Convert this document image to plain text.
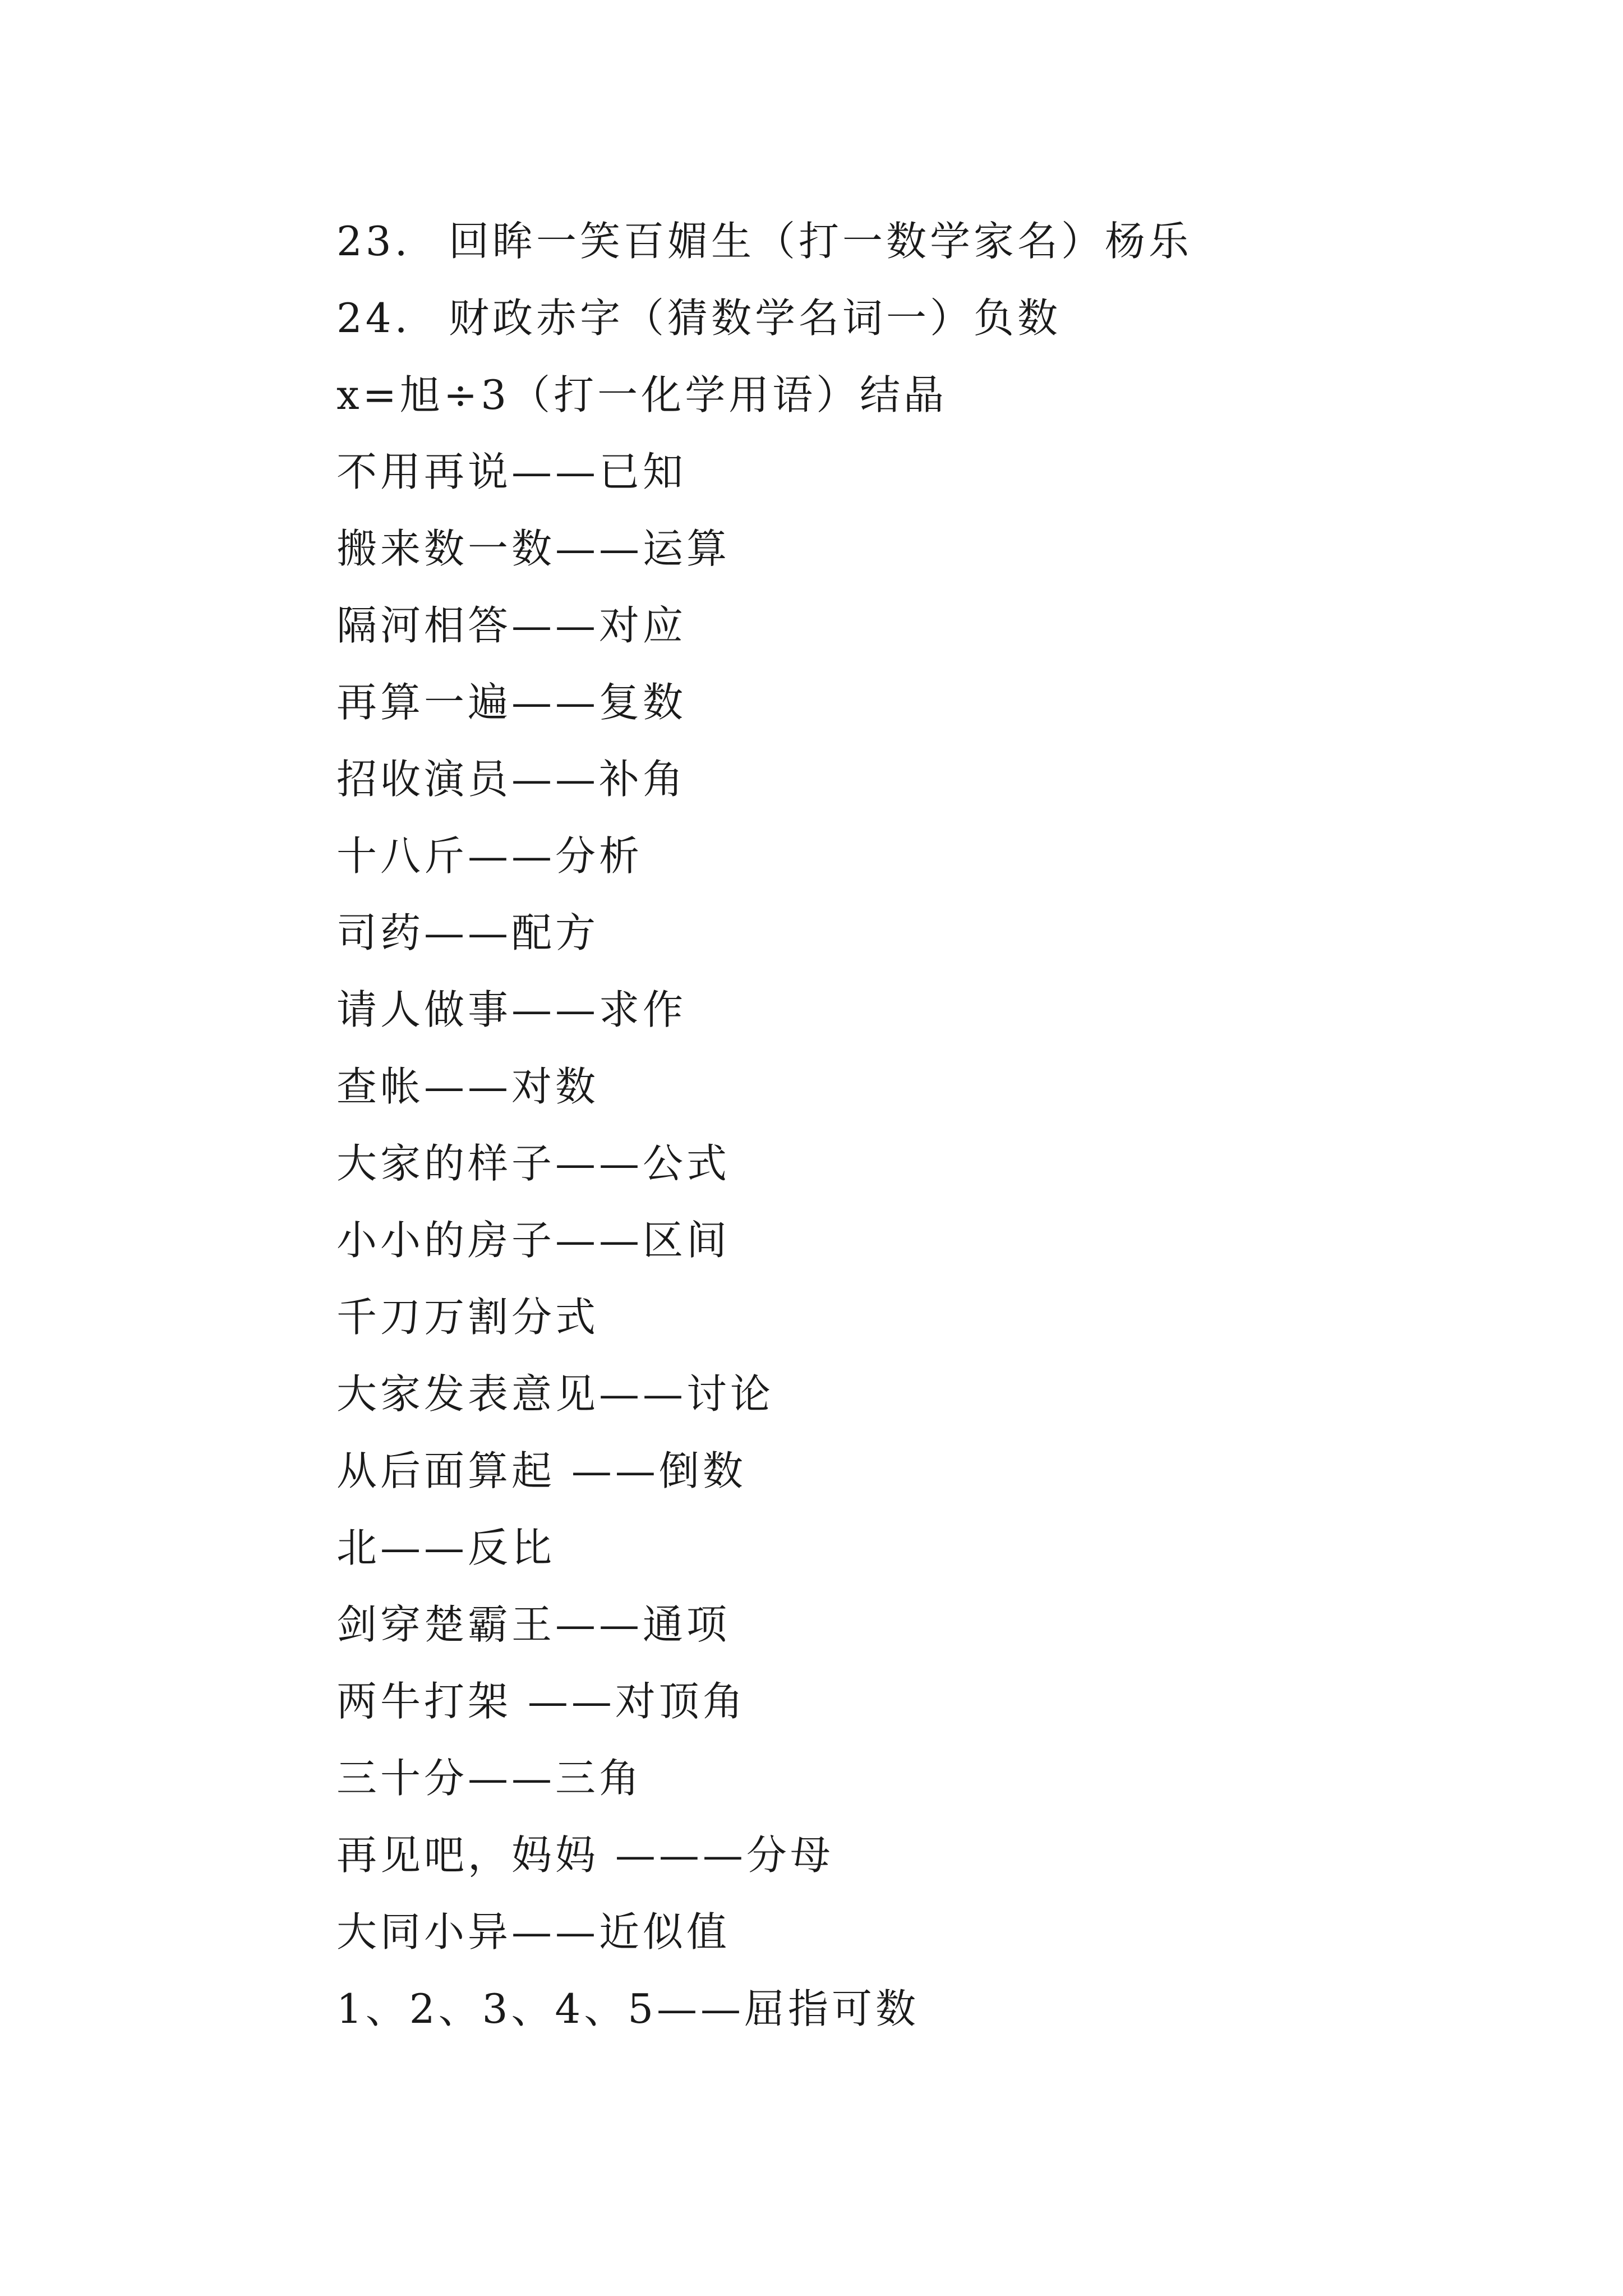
23. 回眸一笑百媚生（打一数学家名）杨乐
24. 财政赤字（猜数学名词一）负数
x=旭÷3（打一化学用语）结晶
不用再说——已知
搬来数一数——运算
隔河相答——对应
再算一遍——复数
招收演员——补角
十八斤——分析
司药——配方
请人做事——求作
查帐——对数
大家的样子——公式
小小的房子——区间
千刀万割分式
大家发表意见——讨论
从后面算起 ——倒数
北——反比
剑穿楚霸王——通项
两牛打架 ——对顶角
三十分——三角
再见吧，妈妈 ———分母
大同小异——近似值
1、2、3、4、5——屈指可数
